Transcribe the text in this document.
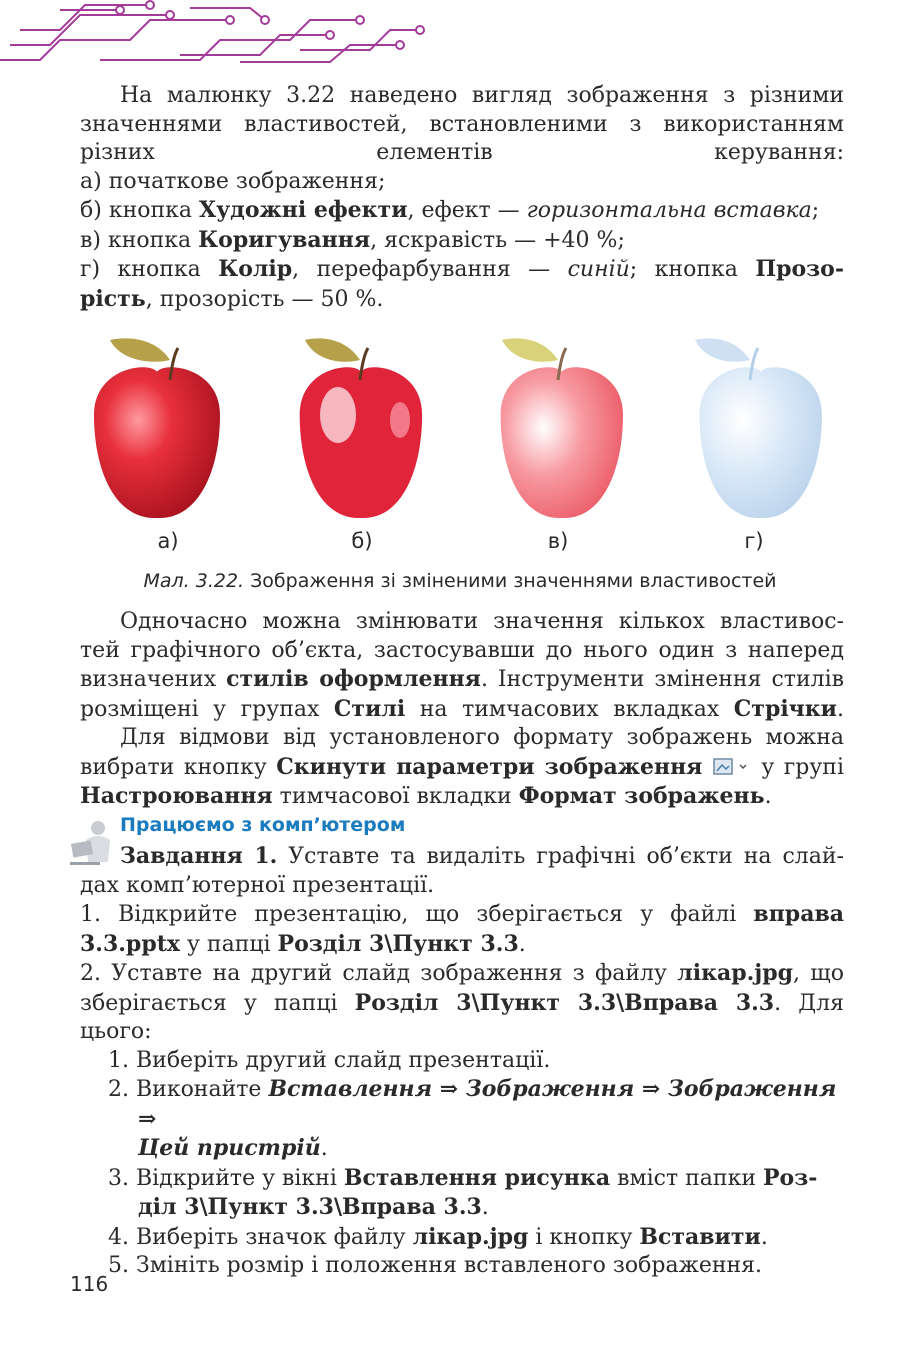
На малюнку 3.22 наведено вигляд зображення з різними значеннями властивостей, встановленими з використанням різних елементів керування:

а) початкове зображення;

б) кнопка Художні ефекти, ефект — горизонтальна вставка;

в) кнопка Коригування, яскравість — +40 %;

г) кнопка Колір, перефарбування — синій; кнопка Прозо-

рість, прозорість — 50 %.

а)	б)	в)	г)
Мал. 3.22. Зображення зі зміненими значеннями властивостей

Одночасно можна змінювати значення кількох властивос-

тей графічного об’єкта, застосувавши до нього один з наперед

визначених стилів оформлення. Інструменти змінення стилів

розміщені у групах Стилі на тимчасових вкладках Стрічки.

Для відмови від установленого формату зображень можна

вибрати кнопку Скинути параметри зображення  у групі

Настроювання тимчасової вкладки Формат зображень.

Працюємо з комп’ютером

Завдання 1. Уставте та видаліть графічні об’єкти на слай-

дах комп’ютерної презентації.

1. Відкрийте презентацію, що зберігається у файлі вправа

3.3.pptx у папці Розділ 3\Пункт 3.3.

2. Уставте на другий слайд зображення з файлу лікар.jpg, що

зберігається у папці Розділ 3\Пункт 3.3\Вправа 3.3. Для

цього:

1. Виберіть другий слайд презентації.

2. Виконайте Вставлення ⇒ Зображення ⇒ Зображення ⇒
Цей пристрій.

3. Відкрийте у вікні Вставлення рисунка вміст папки Роз-
діл 3\Пункт 3.3\Вправа 3.3.

4. Виберіть значок файлу лікар.jpg і кнопку Вставити.

5. Змініть розмір і положення вставленого зображення.

116
